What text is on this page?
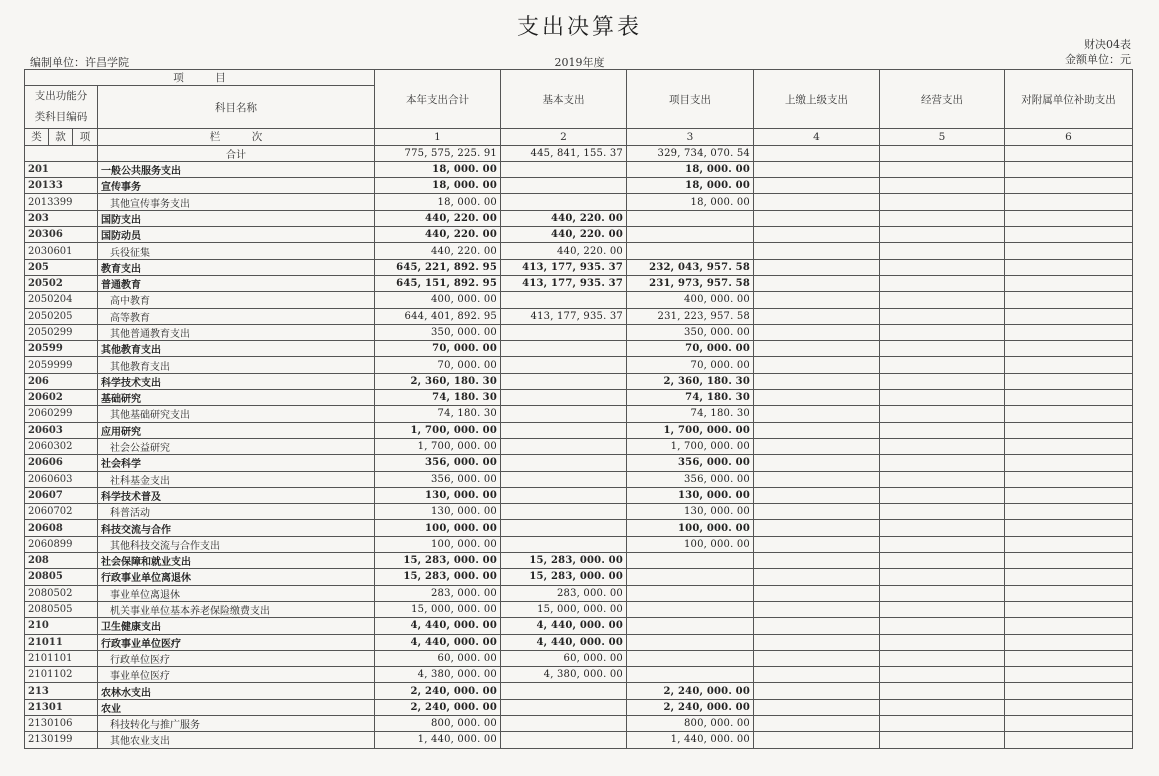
支出决算表
财决04表
编制单位：许昌学院	2019年度	金额单位：元
项　　　目				本年支出合计	基本支出	项目支出	上缴上级支出	经营支出	对附属单位补助支出
支出功能分
类科目编码			科目名称						

类	款	项							
			栏　　　次	1	2	3	4	5	6
			合计	775, 575, 225. 91	445, 841, 155. 37	329, 734, 070. 54			
201			一般公共服务支出	18, 000. 00		18, 000. 00			
20133			宣传事务	18, 000. 00		18, 000. 00			
2013399			其他宣传事务支出	18, 000. 00		18, 000. 00			
203			国防支出	440, 220. 00	440, 220. 00				
20306			国防动员	440, 220. 00	440, 220. 00				
2030601			兵役征集	440, 220. 00	440, 220. 00				
205			教育支出	645, 221, 892. 95	413, 177, 935. 37	232, 043, 957. 58			
20502			普通教育	645, 151, 892. 95	413, 177, 935. 37	231, 973, 957. 58			
2050204			高中教育	400, 000. 00		400, 000. 00			
2050205			高等教育	644, 401, 892. 95	413, 177, 935. 37	231, 223, 957. 58			
2050299			其他普通教育支出	350, 000. 00		350, 000. 00			
20599			其他教育支出	70, 000. 00		70, 000. 00			
2059999			其他教育支出	70, 000. 00		70, 000. 00			
206			科学技术支出	2, 360, 180. 30		2, 360, 180. 30			
20602			基础研究	74, 180. 30		74, 180. 30			
2060299			其他基础研究支出	74, 180. 30		74, 180. 30			
20603			应用研究	1, 700, 000. 00		1, 700, 000. 00			
2060302			社会公益研究	1, 700, 000. 00		1, 700, 000. 00			
20606			社会科学	356, 000. 00		356, 000. 00			
2060603			社科基金支出	356, 000. 00		356, 000. 00			
20607			科学技术普及	130, 000. 00		130, 000. 00			
2060702			科普活动	130, 000. 00		130, 000. 00			
20608			科技交流与合作	100, 000. 00		100, 000. 00			
2060899			其他科技交流与合作支出	100, 000. 00		100, 000. 00			
208			社会保障和就业支出	15, 283, 000. 00	15, 283, 000. 00				
20805			行政事业单位离退休	15, 283, 000. 00	15, 283, 000. 00				
2080502			事业单位离退休	283, 000. 00	283, 000. 00				
2080505			机关事业单位基本养老保险缴费支出	15, 000, 000. 00	15, 000, 000. 00				
210			卫生健康支出	4, 440, 000. 00	4, 440, 000. 00				
21011			行政事业单位医疗	4, 440, 000. 00	4, 440, 000. 00				
2101101			行政单位医疗	60, 000. 00	60, 000. 00				
2101102			事业单位医疗	4, 380, 000. 00	4, 380, 000. 00				
213			农林水支出	2, 240, 000. 00		2, 240, 000. 00			
21301			农业	2, 240, 000. 00		2, 240, 000. 00			
2130106			科技转化与推广服务	800, 000. 00		800, 000. 00			
2130199			其他农业支出	1, 440, 000. 00		1, 440, 000. 00			
